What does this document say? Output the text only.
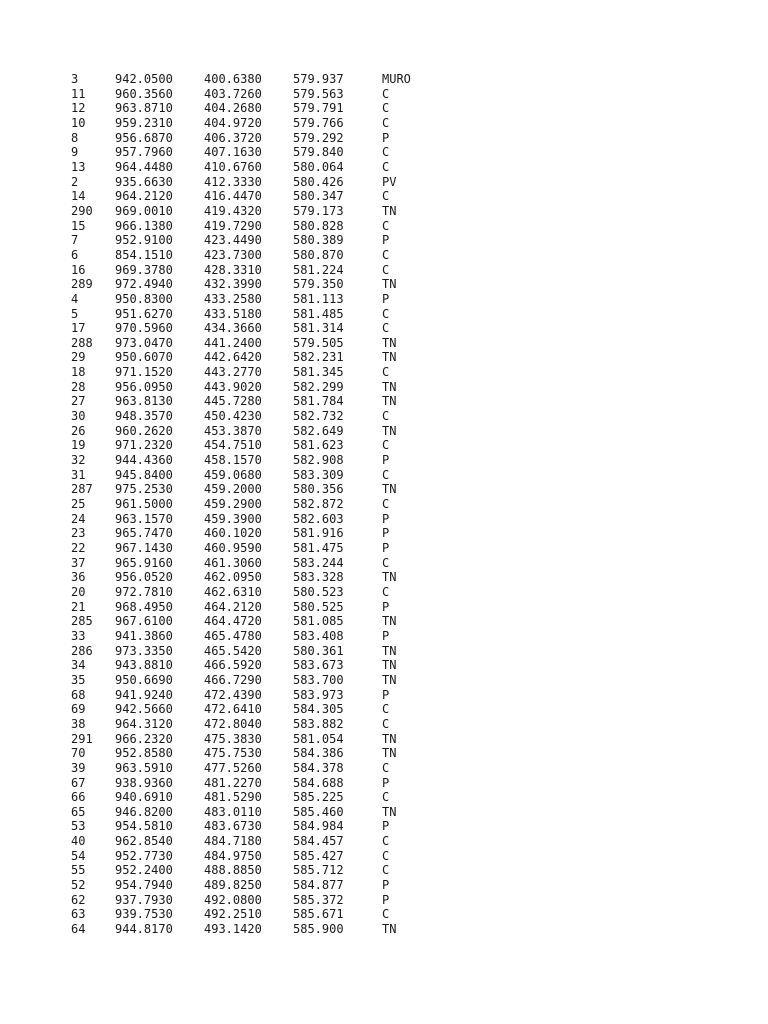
3	942.0500	400.6380	579.937	MURO
11 960.3560	403.7260	579.563	C
12 963.8710	404.2680	579.791	C
10 959.2310	404.9720	579.766	C
8	956.6870	406.3720	579.292	P
9	957.7960	407.1630	579.840	C
13 964.4480	410.6760	580.064	C
2	935.6630	412.3330	580.426	PV
14 964.2120	416.4470	580.347	C
290 969.0010	419.4320	579.173	TN
15 966.1380	419.7290	580.828	C
7	952.9100	423.4490	580.389	P
6	854.1510	423.7300	580.870	C
16 969.3780	428.3310	581.224	C
289 972.4940	432.3990	579.350	TN
4	950.8300	433.2580	581.113	P
5	951.6270	433.5180	581.485	C
17 970.5960	434.3660	581.314	C
288 973.0470	441.2400	579.505	TN
29 950.6070	442.6420	582.231	TN
18 971.1520	443.2770	581.345	C
28 956.0950	443.9020	582.299	TN
27 963.8130	445.7280	581.784	TN
30 948.3570	450.4230	582.732	C
26 960.2620	453.3870	582.649	TN
19 971.2320	454.7510	581.623	C
32 944.4360	458.1570	582.908	P
31 945.8400	459.0680	583.309	C
287 975.2530	459.2000	580.356	TN
25 961.5000	459.2900	582.872	C
24 963.1570	459.3900	582.603	P
23 965.7470	460.1020	581.916	P
22 967.1430	460.9590	581.475	P
37 965.9160	461.3060	583.244	C
36 956.0520	462.0950	583.328	TN
20 972.7810	462.6310	580.523	C
21 968.4950	464.2120	580.525	P
285 967.6100	464.4720	581.085	TN
33 941.3860	465.4780	583.408	P
286 973.3350	465.5420	580.361	TN
34 943.8810	466.5920	583.673	TN
35 950.6690	466.7290	583.700	TN
68 941.9240	472.4390	583.973	P
69 942.5660	472.6410	584.305	C
38 964.3120	472.8040	583.882	C
291 966.2320	475.3830	581.054	TN
70 952.8580	475.7530	584.386	TN
39 963.5910	477.5260	584.378	C
67 938.9360	481.2270	584.688	P
66 940.6910	481.5290	585.225	C
65 946.8200	483.0110	585.460	TN
53 954.5810	483.6730	584.984	P
40 962.8540	484.7180	584.457	C
54 952.7730	484.9750	585.427	C
55 952.2400	488.8850	585.712	C
52 954.7940	489.8250	584.877	P
62 937.7930	492.0800	585.372	P
63 939.7530	492.2510	585.671	C
64 944.8170	493.1420	585.900	TN
